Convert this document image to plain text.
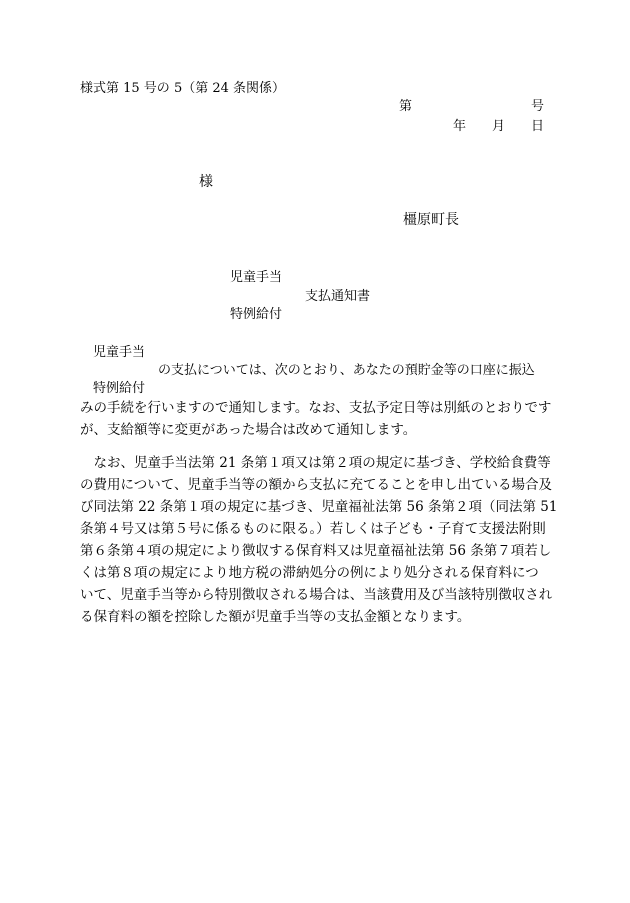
様式第 15 号の 5（第 24 条関係）
第	号
年 月 日
様
橿原町長
児童手当
支払通知書
特例給付
児童手当
の支払については、次のとおり、あなたの預貯金等の口座に振込
特例給付
みの手続を行いますので通知します。なお、支払予定日等は別紙のとおりです
が、支給額等に変更があった場合は改めて通知します。
　なお、児童手当法第 21 条第１項又は第２項の規定に基づき、学校給食費等
の費用について、児童手当等の額から支払に充てることを申し出ている場合及
び同法第 22 条第１項の規定に基づき、児童福祉法第 56 条第２項（同法第 51
条第４号又は第５号に係るものに限る。）若しくは子ども・子育て支援法附則
第６条第４項の規定により徴収する保育料又は児童福祉法第 56 条第７項若し
くは第８項の規定により地方税の滞納処分の例により処分される保育料につ
いて、児童手当等から特別徴収される場合は、当該費用及び当該特別徴収され
る保育料の額を控除した額が児童手当等の支払金額となります。
